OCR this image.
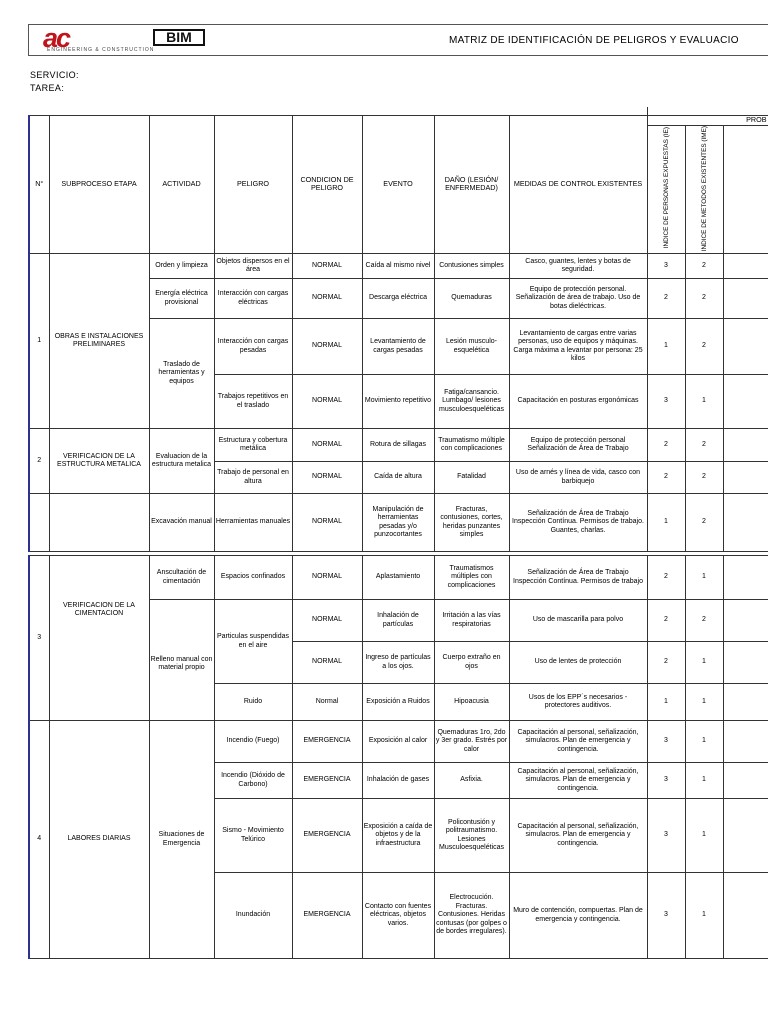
ac	BIM
ENGINEERING & CONSTRUCTION
MATRIZ DE IDENTIFICACIÓN DE PELIGROS Y EVALUACIO
SERVICIO:
TAREA:

N°	SUBPROCESO ETAPA	ACTIVIDAD	PELIGRO	CONDICION DE PELIGRO	EVENTO	DAÑO (LESIÓN/ ENFERMEDAD)	MEDIDAS DE CONTROL EXISTENTES	PROB		
								INDICE DE PERSONAS EXPUESTAS (IE)	INDICE DE METODOS EXISTENTES (IME)	
1	OBRAS E INSTALACIONES PRELIMINARES	Orden y limpieza	Objetos dispersos en el área	NORMAL	Caída al mismo nivel	Contusiones simples	Casco, guantes, lentes y botas de seguridad.	3	2	
		Energía eléctrica provisional	Interacción con cargas eléctricas	NORMAL	Descarga eléctrica	Quemaduras	Equipo de protección personal. Señalización de área de trabajo. Uso de botas dieléctricas.	2	2	
		Traslado de herramientas y equipos	Interacción con cargas pesadas	NORMAL	Levantamiento de cargas pesadas	Lesión musculo-esquelética	Levantamiento de cargas entre varias personas, uso de equipos y máquinas. Carga máxima a levantar por persona: 25 kilos	1	2	
			Trabajos repetitivos en el traslado	NORMAL	Movimiento repetitivo	Fatiga/cansancio. Lumbago/ lesiones musculoesqueléticas	Capacitación en posturas ergonómicas	3	1	
2	VERIFICACION DE LA ESTRUCTURA METALICA	Evaluacion de la estructura metalica	Estructura y cobertura metálica	NORMAL	Rotura de sillagas	Traumatismo múltiple con complicaciones	Equipo de protección personal Señalización de Área de Trabajo	2	2	
			Trabajo de personal en altura	NORMAL	Caída de altura	Fatalidad	Uso de arnés y línea de vida, casco con barbiquejo	2	2	
		Excavación manual	Herramientas manuales	NORMAL	Manipulación de herramientas pesadas y/o punzocortantes	Fracturas, contusiones, cortes, heridas punzantes simples	Señalización de Área de Trabajo Inspección Contínua. Permisos de trabajo. Guantes, charlas.	1	2	
3	VERIFICACION DE LA CIMENTACION	Anscultación de cimentación	Espacios confinados	NORMAL	Aplastamiento	Traumatismos múltiples con complicaciones	Señalización de Área de Trabajo Inspección Contínua. Permisos de trabajo	2	1	
		Relleno manual con material propio	Particulas suspendidas en el aire	NORMAL	Inhalación de partículas	Irritación a las vías respiratorias	Uso de mascarilla para polvo	2	2	
				NORMAL	Ingreso de partículas a los ojos.	Cuerpo extraño en ojos	Uso de lentes de protección	2	1	
			Ruido	Normal	Exposición a Ruidos	Hipoacusia	Usos de los EPP´s necesarios - protectores auditivos.	1	1	
4	LABORES DIARIAS	Situaciones de Emergencia	Incendio (Fuego)	EMERGENCIA	Exposición al calor	Quemaduras 1ro, 2do y 3er grado. Estrés por calor	Capacitación al personal, señalización, simulacros. Plan de emergencia y contingencia.	3	1	
			Incendio (Dióxido de Carbono)	EMERGENCIA	Inhalación de gases	Asfixia.	Capacitación al personal, señalización, simulacros. Plan de emergencia y contingencia.	3	1	
			Sismo - Movimiento Telúrico	EMERGENCIA	Exposición a caída de objetos y de la infraestructura	Policontusión y politraumatismo. Lesiones Musculoesqueléticas	Capacitación al personal, señalización, simulacros. Plan de emergencia y contingencia.	3	1	
			Inundación	EMERGENCIA	Contacto con fuentes eléctricas, objetos varios.	Electrocución. Fracturas. Contusiones. Heridas contusas (por golpes o de bordes irregulares).	Muro de contención, compuertas. Plan de emergencia y contingencia.	3	1	
